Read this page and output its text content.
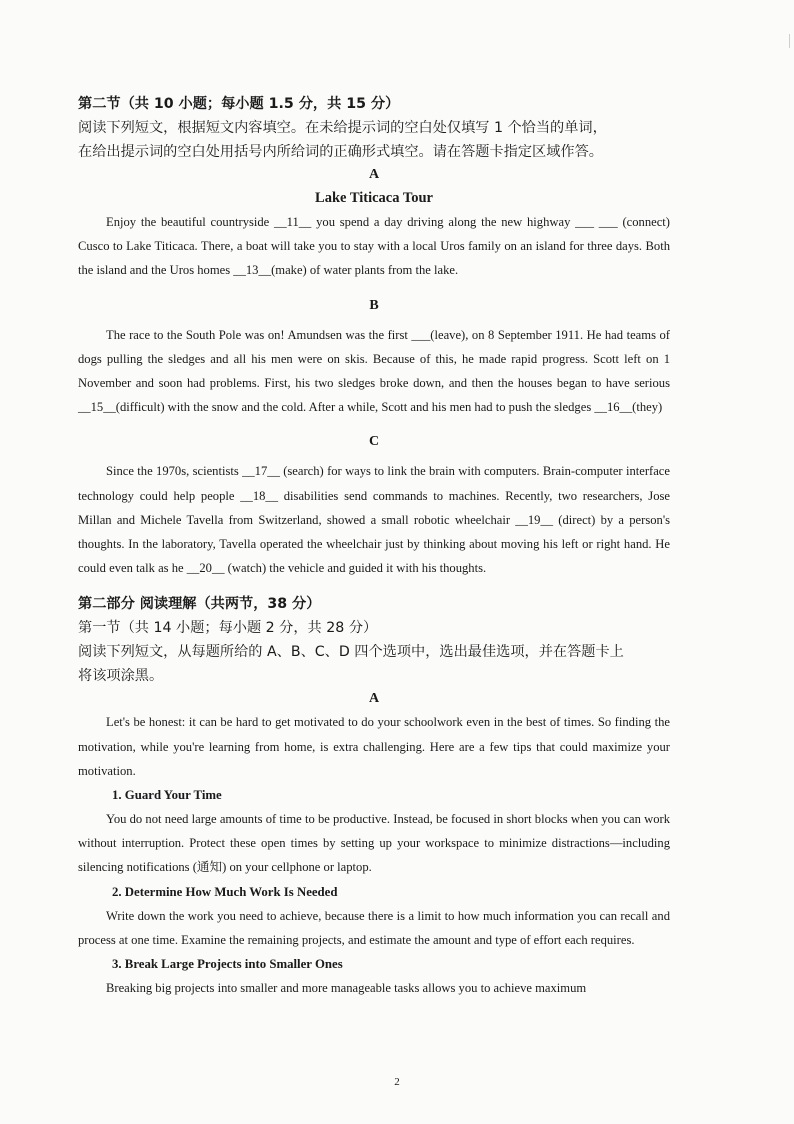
第二节（共 10 小题；每小题 1.5 分，共 15 分）

阅读下列短文，根据短文内容填空。在未给提示词的空白处仅填写 1 个恰当的单词，

在给出提示词的空白处用括号内所给词的正确形式填空。请在答题卡指定区域作答。

A

Lake Titicaca Tour

Enjoy the beautiful countryside __11__ you spend a day driving along the new highway ___ ___ (connect) Cusco to Lake Titicaca. There, a boat will take you to stay with a local Uros family on an island for three days. Both the island and the Uros homes __13__(make) of water plants from the lake.

B

The race to the South Pole was on! Amundsen was the first ___(leave), on 8 September 1911. He had teams of dogs pulling the sledges and all his men were on skis. Because of this, he made rapid progress. Scott left on 1 November and soon had problems. First, his two sledges broke down, and then the houses began to have serious __15__(difficult) with the snow and the cold. After a while, Scott and his men had to push the sledges __16__(they)

C

Since the 1970s, scientists __17__ (search) for ways to link the brain with computers. Brain-computer interface technology could help people __18__ disabilities send commands to machines. Recently, two researchers, Jose Millan and Michele Tavella from Switzerland, showed a small robotic wheelchair __19__ (direct) by a person's thoughts. In the laboratory, Tavella operated the wheelchair just by thinking about moving his left or right hand. He could even talk as he __20__ (watch) the vehicle and guided it with his thoughts.

第二部分 阅读理解（共两节，38 分）

第一节（共 14 小题；每小题 2 分，共 28 分）

阅读下列短文，从每题所给的 A、B、C、D 四个选项中，选出最佳选项，并在答题卡上

将该项涂黑。

A

Let's be honest: it can be hard to get motivated to do your schoolwork even in the best of times. So finding the motivation, while you're learning from home, is extra challenging. Here are a few tips that could maximize your motivation.

1. Guard Your Time

You do not need large amounts of time to be productive. Instead, be focused in short blocks when you can work without interruption. Protect these open times by setting up your workspace to minimize distractions—including silencing notifications (通知) on your cellphone or laptop.

2. Determine How Much Work Is Needed

Write down the work you need to achieve, because there is a limit to how much information you can recall and process at one time. Examine the remaining projects, and estimate the amount and type of effort each requires.

3. Break Large Projects into Smaller Ones

Breaking big projects into smaller and more manageable tasks allows you to achieve maximum

2
